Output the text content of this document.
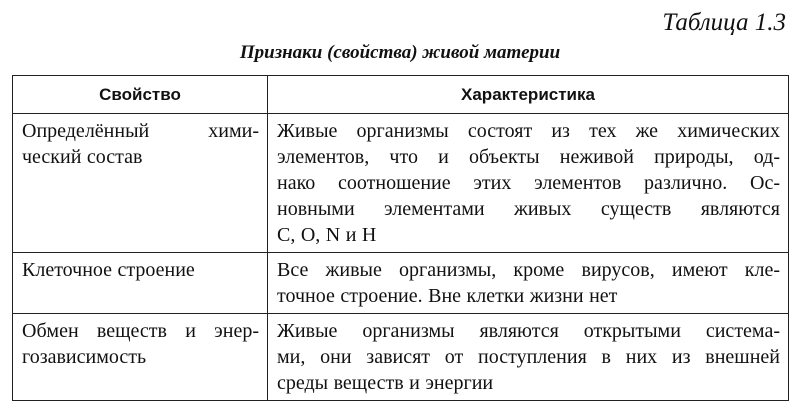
Таблица 1.3
Признаки (свойства) живой материи
Свойство	Характеристика

Определённый хими-
ческий состав	Живые организмы состоят из тех же химических
элементов, что и объекты неживой природы, од-
нако соотношение этих элементов различно. Ос-
новными элементами живых существ являются
C, O, N и H

Клеточное строение	Все живые организмы, кроме вирусов, имеют кле-
точное строение. Вне клетки жизни нет

Обмен веществ и энер-
гозависимость	Живые организмы являются открытыми система-
ми, они зависят от поступления в них из внешней
среды веществ и энергии
